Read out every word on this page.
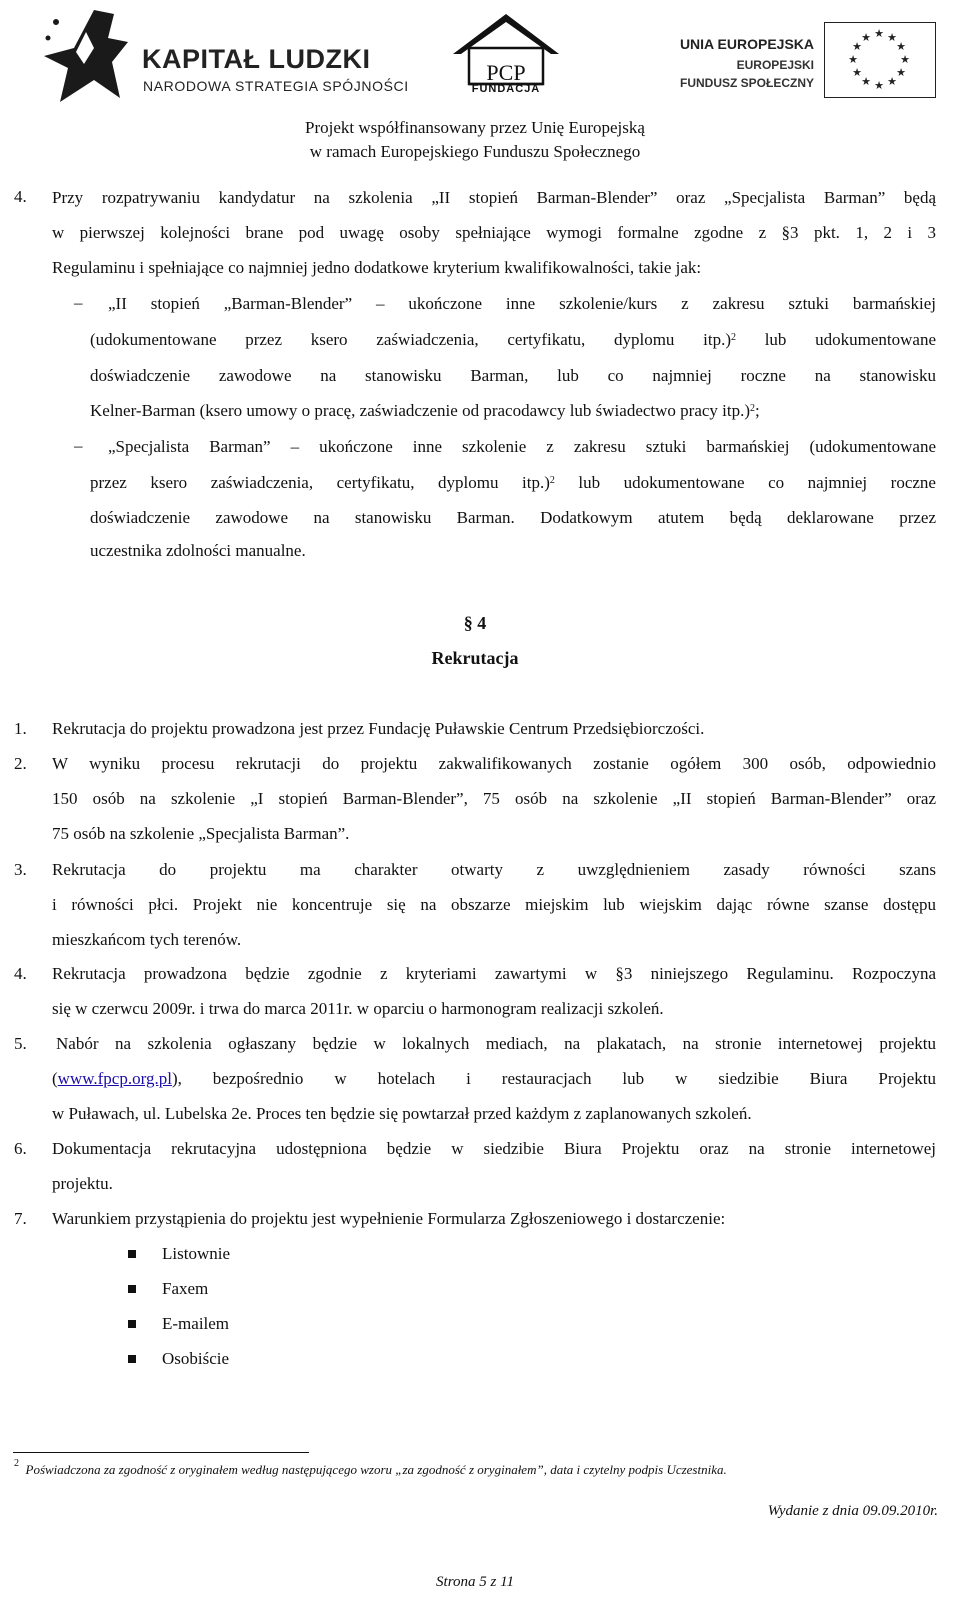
KAPITAŁ LUDZKI
NARODOWA STRATEGIA SPÓJNOŚCI
PCP
FUNDACJA
UNIA EUROPEJSKA
EUROPEJSKI
FUNDUSZ SPOŁECZNY
★ ★
★
★
★
★
★
★
★
★
★
★
Projekt współfinansowany przez Unię Europejską
w ramach Europejskiego Funduszu Społecznego
4. Przy rozpatrywaniu kandydatur na szkolenia „II stopień Barman-Blender” oraz „Specjalista Barman” będą
w pierwszej kolejności brane pod uwagę osoby spełniające wymogi formalne zgodne z §3 pkt. 1, 2 i 3
Regulaminu i spełniające co najmniej jedno dodatkowe kryterium kwalifikowalności, takie jak:
– „II stopień „Barman-Blender” – ukończone inne szkolenie/kurs z zakresu sztuki barmańskiej
(udokumentowane przez ksero zaświadczenia, certyfikatu, dyplomu itp.)$^2$ lub udokumentowane
doświadczenie zawodowe na stanowisku Barman, lub co najmniej roczne na stanowisku
Kelner-Barman (ksero umowy o pracę, zaświadczenie od pracodawcy lub świadectwo pracy itp.)$^2$;
– „Specjalista Barman” – ukończone inne szkolenie z zakresu sztuki barmańskiej (udokumentowane
przez ksero zaświadczenia, certyfikatu, dyplomu itp.)$^2$ lub udokumentowane co najmniej roczne
doświadczenie zawodowe na stanowisku Barman. Dodatkowym atutem będą deklarowane przez
uczestnika zdolności manualne.
§ 4
Rekrutacja
1. Rekrutacja do projektu prowadzona jest przez Fundację Puławskie Centrum Przedsiębiorczości.
2. W wyniku procesu rekrutacji do projektu zakwalifikowanych zostanie ogółem 300 osób, odpowiednio
150 osób na szkolenie „I stopień Barman-Blender”, 75 osób na szkolenie „II stopień Barman-Blender” oraz
75 osób na szkolenie „Specjalista Barman”.
3. Rekrutacja do projektu ma charakter otwarty z uwzględnieniem zasady równości szans
i równości płci. Projekt nie koncentruje się na obszarze miejskim lub wiejskim dając równe szanse dostępu
mieszkańcom tych terenów.
4. Rekrutacja prowadzona będzie zgodnie z kryteriami zawartymi w §3 niniejszego Regulaminu. Rozpoczyna
się w czerwcu 2009r. i trwa do marca 2011r. w oparciu o harmonogram realizacji szkoleń.
5. Nabór na szkolenia ogłaszany będzie w lokalnych mediach, na plakatach, na stronie internetowej projektu
(www.fpcp.org.pl), bezpośrednio w hotelach i restauracjach lub w siedzibie Biura Projektu
w Puławach, ul. Lubelska 2e. Proces ten będzie się powtarzał przed każdym z zaplanowanych szkoleń.
6. Dokumentacja rekrutacyjna udostępniona będzie w siedzibie Biura Projektu oraz na stronie internetowej
projektu.
7. Warunkiem przystąpienia do projektu jest wypełnienie Formularza Zgłoszeniowego i dostarczenie:
Listownie
Faxem
E-mailem
Osobiście
$^2$ Poświadczona za zgodność z oryginałem według następującego wzoru „za zgodność z oryginałem”, data i czytelny podpis Uczestnika.
Wydanie z dnia 09.09.2010r.
Strona 5 z 11
